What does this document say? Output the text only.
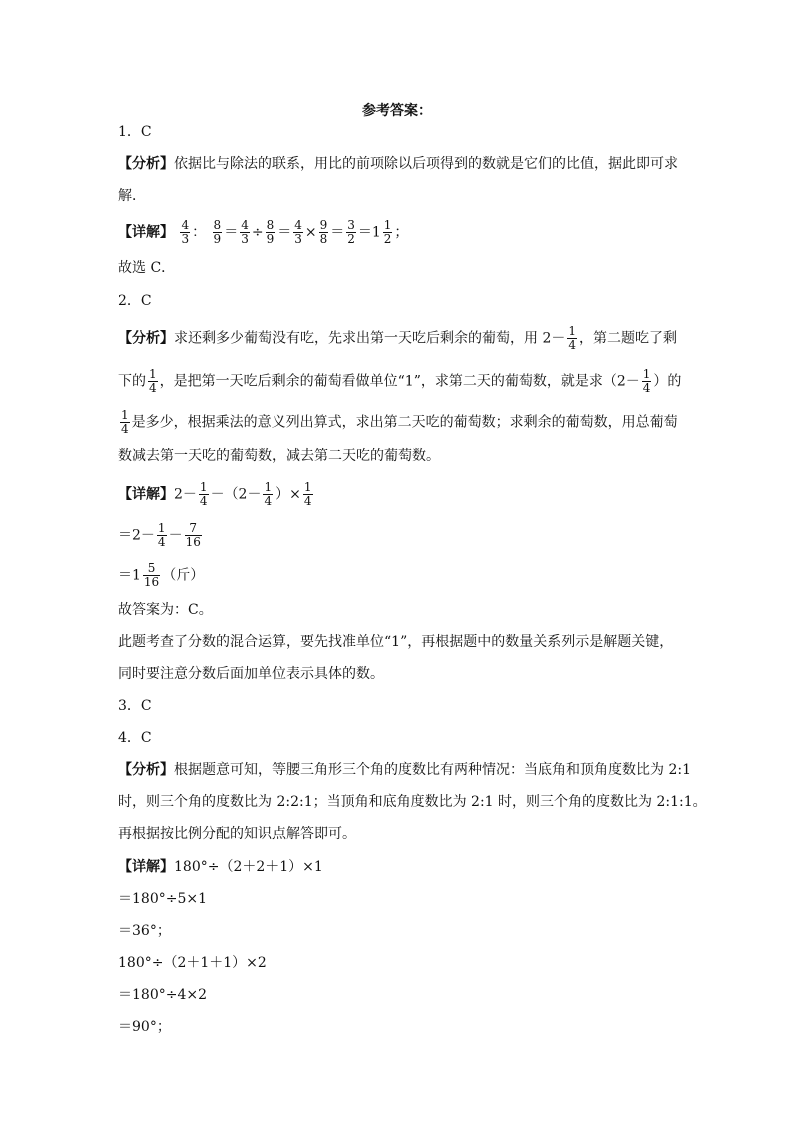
参考答案：
1．C
【分析】依据比与除法的联系，用比的前项除以后项得到的数就是它们的比值，据此即可求
解．
【详解】 $\frac{4}{3}$ ： $\frac{8}{9} = \frac{4}{3} \div \frac{8}{9} = \frac{4}{3} \times \frac{9}{8} = \frac{3}{2} =1 \frac{1}{2}$ ；
故选 C．
2．C
【分析】求还剩多少葡萄没有吃，先求出第一天吃后剩余的葡萄，用 $2- \frac{1}{4}$ ，第二题吃了剩
下的 $\frac{1}{4}$ ，是把第一天吃后剩余的葡萄看做单位“1”，求第二天的葡萄数，就是求（$2- \frac{1}{4}$ ）的
$\frac{1}{4}$ 是多少，根据乘法的意义列出算式，求出第二天吃的葡萄数；求剩余的葡萄数，用总葡萄
数减去第一天吃的葡萄数，减去第二天吃的葡萄数。
【详解】$2- \frac{1}{4} -(2- \frac{1}{4}$ ）× $\frac{1}{4}$
$=2- \frac{1}{4} - \frac{7}{16}$
$=1 \frac{5}{16}$ （斤）
故答案为：C。
此题考查了分数的混合运算，要先找准单位“1”，再根据题中的数量关系列示是解题关键，
同时要注意分数后面加单位表示具体的数。
3．C
4．C
【分析】根据题意可知，等腰三角形三个角的度数比有两种情况：当底角和顶角度数比为 2:1
时，则三个角的度数比为 2:2:1；当顶角和底角度数比为 2:1 时，则三个角的度数比为 2:1:1。
再根据按比例分配的知识点解答即可。
【详解】180°÷（2＋2＋1）×1
＝180°÷5×1
＝36°；
180°÷（2＋1＋1）×2
＝180°÷4×2
＝90°；
